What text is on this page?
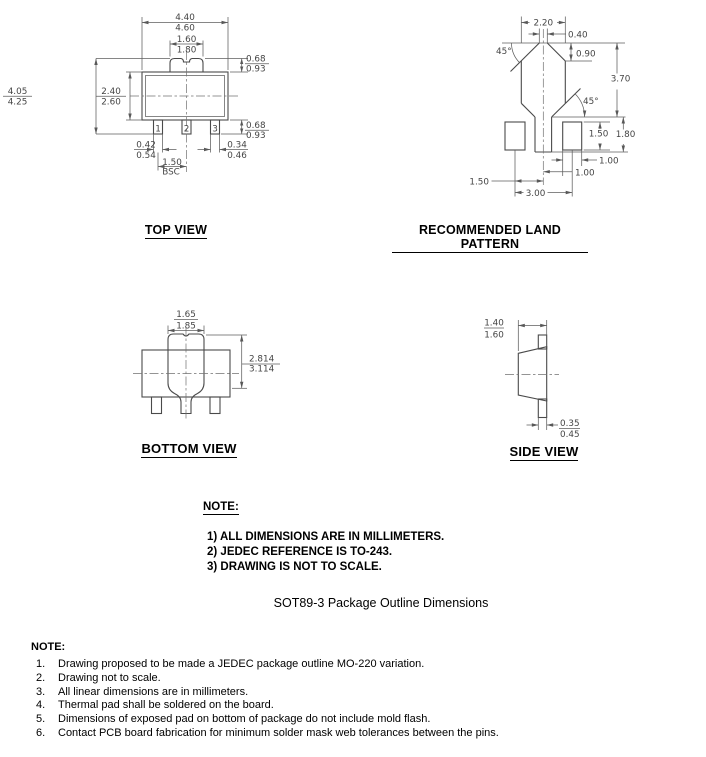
4.40
4.60
1.60
1.80
0.68
0.93
0.68
0.93
4.05
4.25
2.40
2.60
0.42
0.54
0.34
0.46
1.50
BSC
1	2	3
2.20
0.40
0.90
3.70
45°
45°
1.50 1.80
1.00
1.00
1.50
3.00
1.65
1.85
2.814
3.114
1.40
1.60
0.35
0.45
TOP VIEW	RECOMMENDED LAND PATTERN
BOTTOM VIEW	SIDE VIEW
NOTE:
1) ALL DIMENSIONS ARE IN MILLIMETERS.
2) JEDEC REFERENCE IS TO-243.
3) DRAWING IS NOT TO SCALE.
SOT89-3 Package Outline Dimensions
NOTE:
1.	Drawing proposed to be made a JEDEC package outline MO-220 variation.
2.	Drawing not to scale.
3.	All linear dimensions are in millimeters.
4.	Thermal pad shall be soldered on the board.
5.	Dimensions of exposed pad on bottom of package do not include mold flash.
6.	Contact PCB board fabrication for minimum solder mask web tolerances between the pins.
